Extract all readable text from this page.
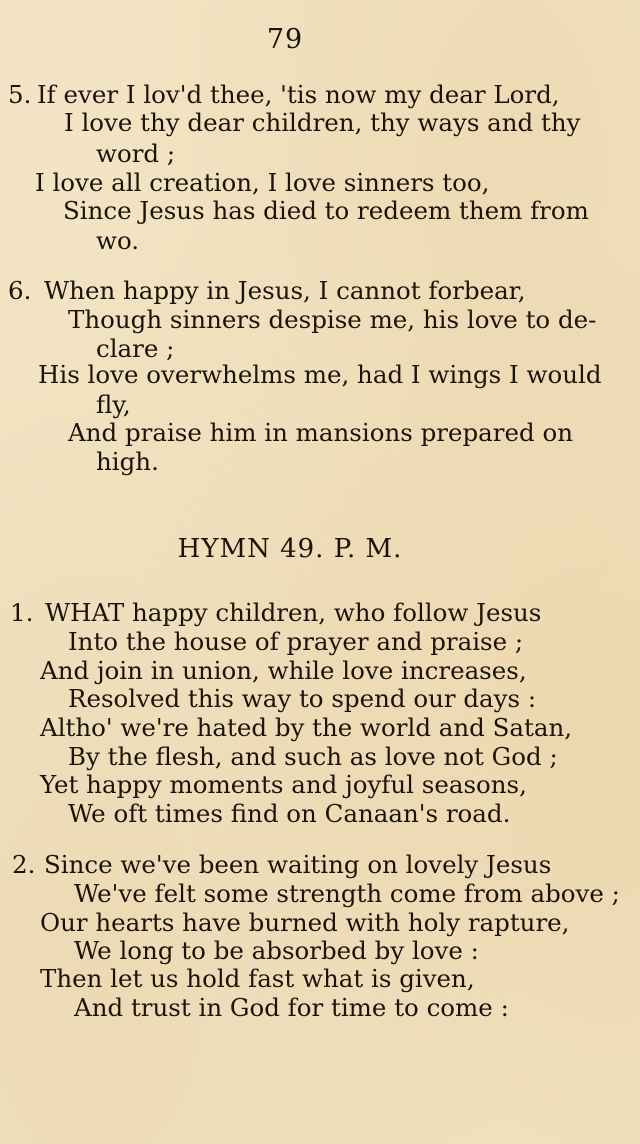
79
5. If ever I lov'd thee, 'tis now my dear Lord,
I love thy dear children, thy ways and thy
word ;
I love all creation, I love sinners too,
Since Jesus has died to redeem them from
wo.
6. When happy in Jesus, I cannot forbear,
Though sinners despise me, his love to de-
clare ;
His love overwhelms me, had I wings I would
fly,
And praise him in mansions prepared on
high.
HYMN 49. P. M.
1. WHAT happy children, who follow Jesus
Into the house of prayer and praise ;
And join in union, while love increases,
Resolved this way to spend our days :
Altho' we're hated by the world and Satan,
By the flesh, and such as love not God ;
Yet happy moments and joyful seasons,
We oft times find on Canaan's road.
2. Since we've been waiting on lovely Jesus
We've felt some strength come from above ;
Our hearts have burned with holy rapture,
We long to be absorbed by love :
Then let us hold fast what is given,
And trust in God for time to come :
